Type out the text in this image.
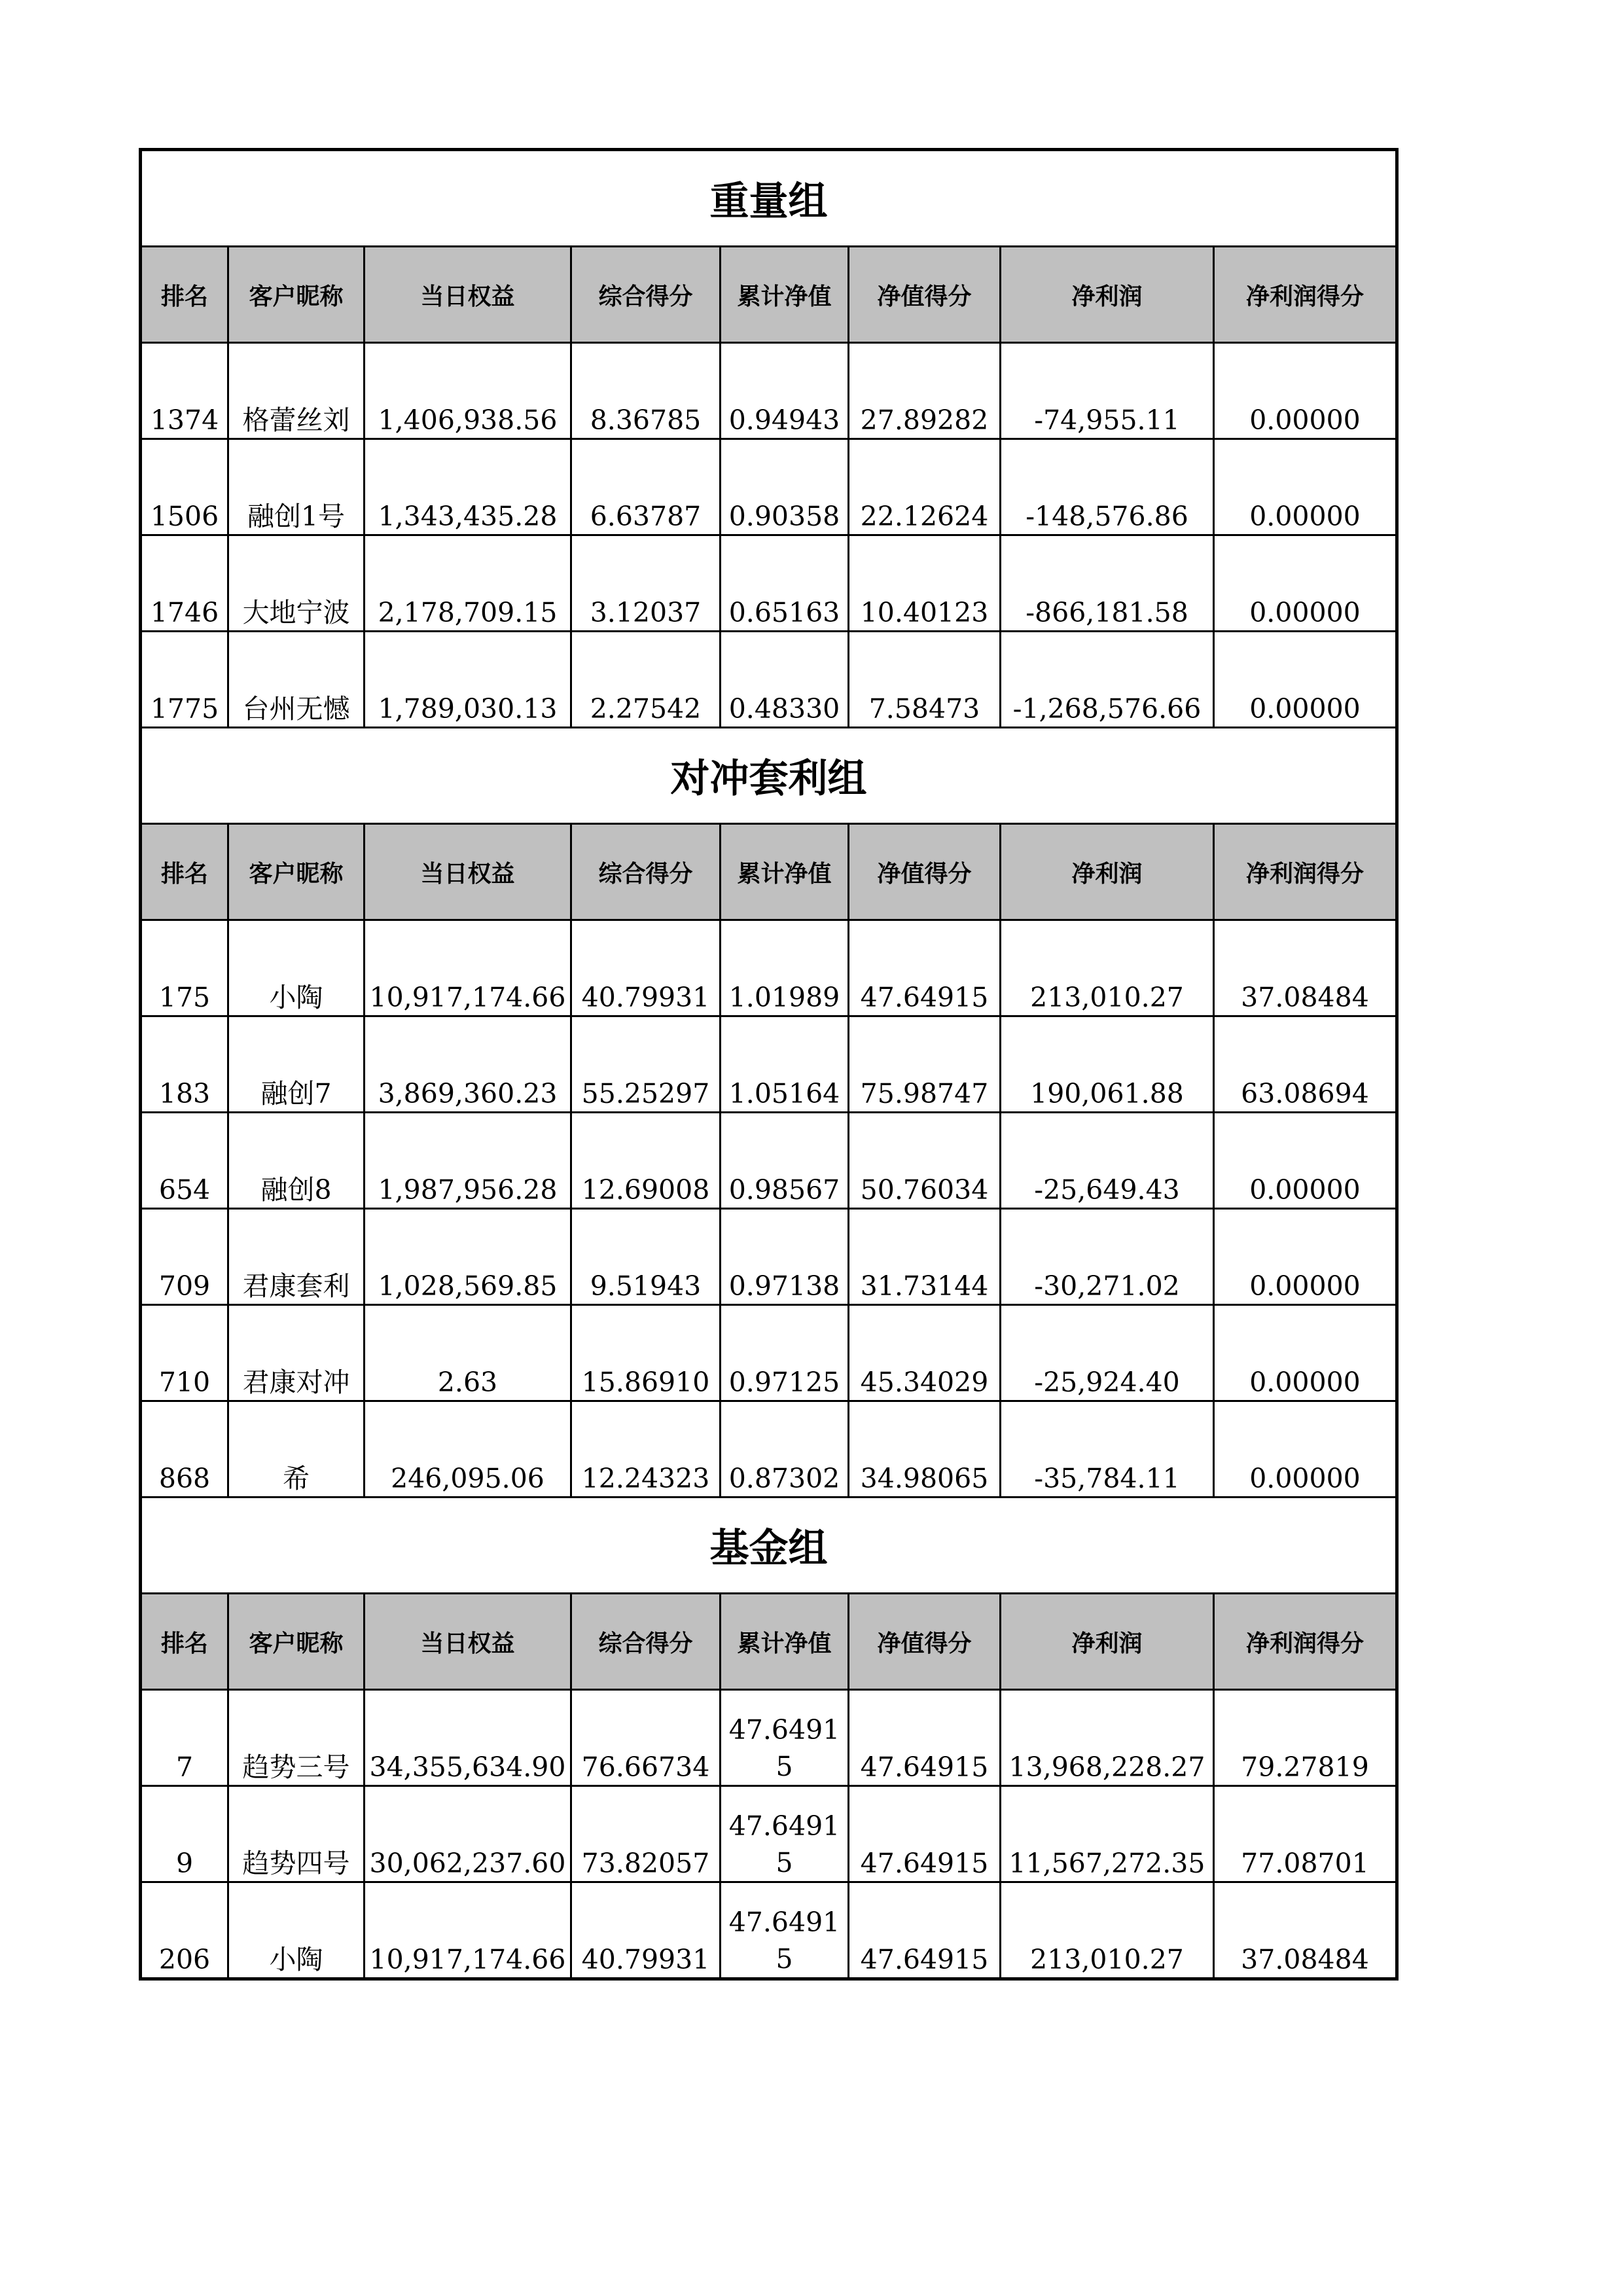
重量组							
排名	客户昵称	当日权益	综合得分	累计净值	净值得分	净利润	净利润得分
1374	格蕾丝刘	1,406,938.56	8.36785	0.94943	27.89282	-74,955.11	0.00000
1506	融创1号	1,343,435.28	6.63787	0.90358	22.12624	-148,576.86	0.00000
1746	大地宁波	2,178,709.15	3.12037	0.65163	10.40123	-866,181.58	0.00000
1775	台州无憾	1,789,030.13	2.27542	0.48330	7.58473	-1,268,576.66	0.00000
对冲套利组							
排名	客户昵称	当日权益	综合得分	累计净值	净值得分	净利润	净利润得分
175	小陶	10,917,174.66	40.79931	1.01989	47.64915	213,010.27	37.08484
183	融创7	3,869,360.23	55.25297	1.05164	75.98747	190,061.88	63.08694
654	融创8	1,987,956.28	12.69008	0.98567	50.76034	-25,649.43	0.00000
709	君康套利	1,028,569.85	9.51943	0.97138	31.73144	-30,271.02	0.00000
710	君康对冲	2.63	15.86910	0.97125	45.34029	-25,924.40	0.00000
868	希	246,095.06	12.24323	0.87302	34.98065	-35,784.11	0.00000
基金组							
排名	客户昵称	当日权益	综合得分	累计净值	净值得分	净利润	净利润得分
7	趋势三号	34,355,634.90	76.66734	47.64915	47.64915	13,968,228.27	79.27819
9	趋势四号	30,062,237.60	73.82057	47.64915	47.64915	11,567,272.35	77.08701
206	小陶	10,917,174.66	40.79931	47.64915	47.64915	213,010.27	37.08484
